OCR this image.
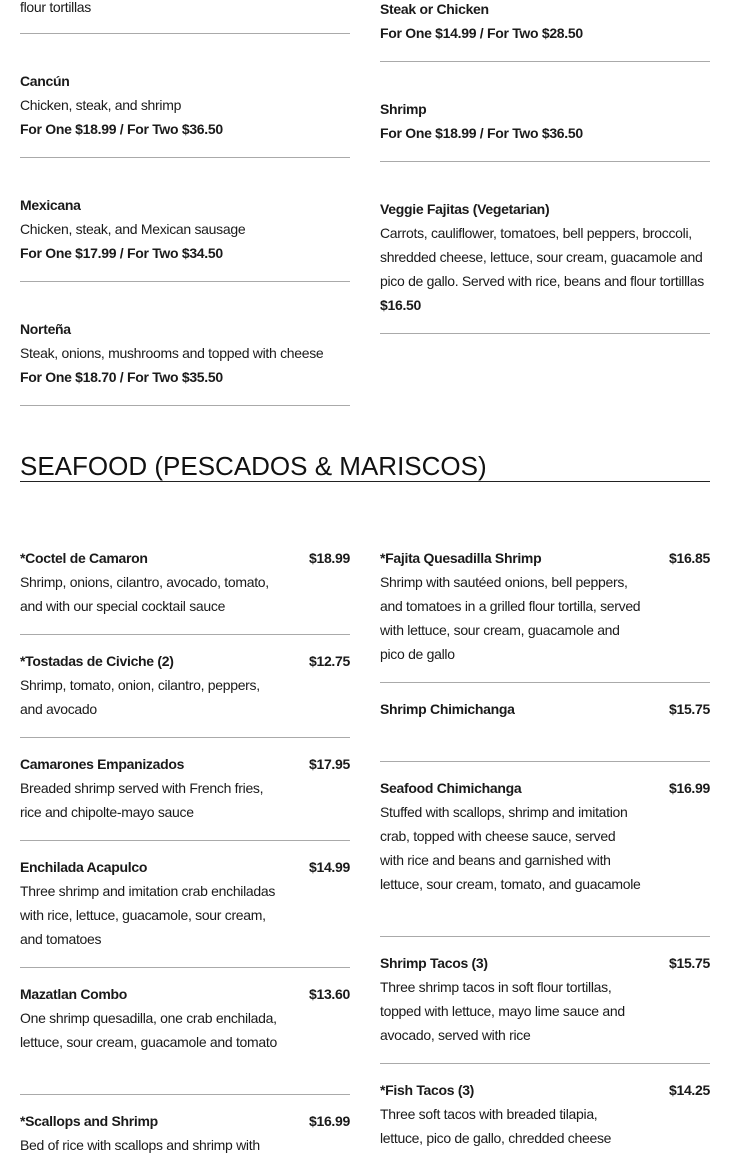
flour tortillas
Cancún
Chicken, steak, and shrimp
For One $18.99 / For Two $36.50
Mexicana
Chicken, steak, and Mexican sausage
For One $17.99 / For Two $34.50
Norteña
Steak, onions, mushrooms and topped with cheese
For One $18.70 / For Two $35.50
Steak or Chicken
For One $14.99 / For Two $28.50
Shrimp
For One $18.99 / For Two $36.50
Veggie Fajitas (Vegetarian)
Carrots, cauliflower, tomatoes, bell peppers, broccoli, shredded cheese, lettuce, sour cream, guacamole and pico de gallo. Served with rice, beans and flour tortilllas
$16.50
SEAFOOD (PESCADOS & MARISCOS)
*Coctel de Camaron	$18.99
Shrimp, onions, cilantro, avocado, tomato, and with our special cocktail sauce
*Tostadas de Civiche (2)	$12.75
Shrimp, tomato, onion, cilantro, peppers, and avocado
Camarones Empanizados	$17.95
Breaded shrimp served with French fries, rice and chipolte-mayo sauce
Enchilada Acapulco	$14.99
Three shrimp and imitation crab enchiladas with rice, lettuce, guacamole, sour cream, and tomatoes
Mazatlan Combo	$13.60
One shrimp quesadilla, one crab enchilada, lettuce, sour cream, guacamole and tomato
*Scallops and Shrimp	$16.99
Bed of rice with scallops and shrimp with
*Fajita Quesadilla Shrimp	$16.85
Shrimp with sautéed onions, bell peppers, and tomatoes in a grilled flour tortilla, served with lettuce, sour cream, guacamole and pico de gallo
Shrimp Chimichanga	$15.75
Seafood Chimichanga	$16.99
Stuffed with scallops, shrimp and imitation crab, topped with cheese sauce, served with rice and beans and garnished with lettuce, sour cream, tomato, and guacamole
Shrimp Tacos (3)	$15.75
Three shrimp tacos in soft flour tortillas, topped with lettuce, mayo lime sauce and avocado, served with rice
*Fish Tacos (3)	$14.25
Three soft tacos with breaded tilapia, lettuce, pico de gallo, chredded cheese
